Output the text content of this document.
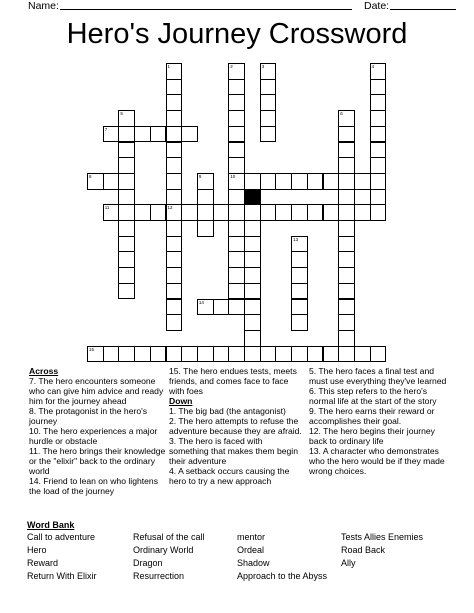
Name:	Date:
Hero's Journey Crossword
1
12
2
10
3	4
5	6
7
8	9
11
13
14
15
Across
7. The hero encounters someone who can give him advice and ready him for the journey ahead
8. The protagonist in the hero's journey
10. The hero experiences a major hurdle or obstacle
11. The hero brings their knowledge or the "elixir" back to the ordinary world
14. Friend to lean on who lightens the load of the journey
15. The hero endues tests, meets friends, and comes face to face with foes
Down
1. The big bad (the antagonist)
2. The hero attempts to refuse the adventure because they are afraid.
3. The hero is faced with something that makes them begin their adventure
4. A setback occurs causing the hero to try a new approach
5. The hero faces a final test and must use everything they've learned
6. This step refers to the hero's normal life at the start of the story
9. The hero earns their reward or accomplishes their goal.
12. The hero begins their journey back to ordinary life
13. A character who demonstrates who the hero would be if they made wrong choices.
Word Bank
Call to adventure	Refusal of the call	mentor	Tests Allies Enemies
Hero	Ordinary World	Ordeal	Road Back
Reward	Dragon	Shadow	Ally
Return With Elixir	Resurrection	Approach to the Abyss
